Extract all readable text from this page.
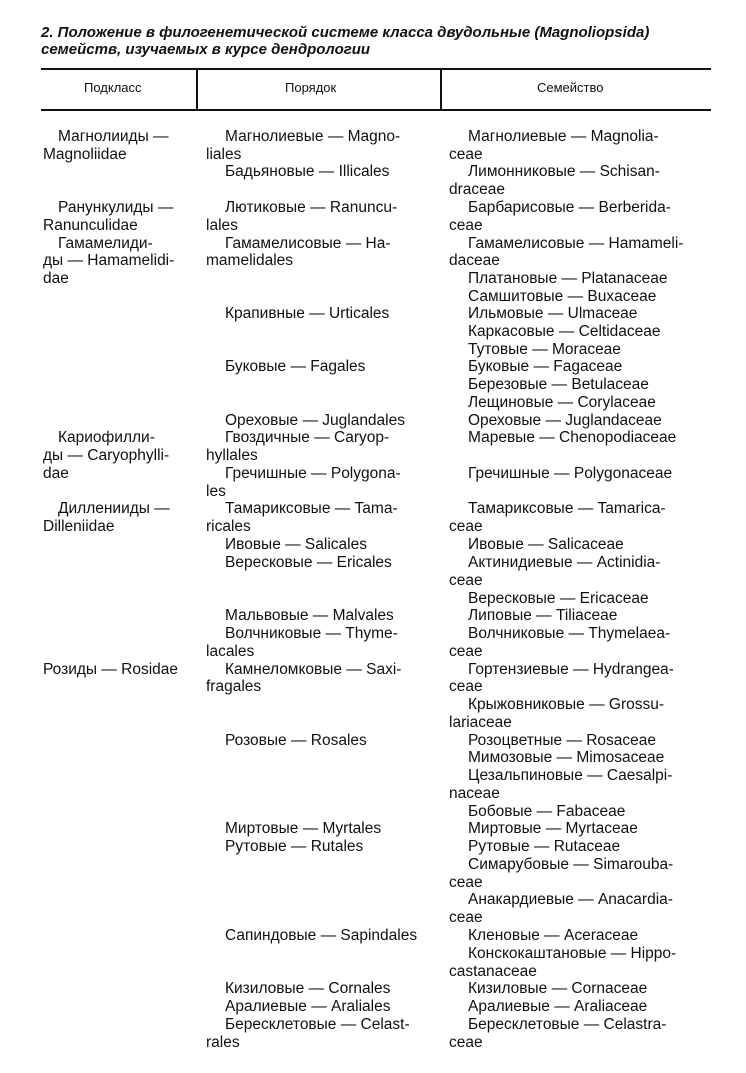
2. Положение в филогенетической системе класса двудольные (Magnoliopsida)
семейств, изучаемых в курсе дендрологии
Подкласс	Порядок	Семейство
Магнолииды —
Magnoliidae
Ранункулиды —
Ranunculidae
Гамамелиди-
ды — Hamamelidi-
dae
Кариофилли-
ды — Caryophylli-
dae
Дилленииды —
Dilleniidae
Розиды — Rosidae
Магнолиевые — Magno-
liales
Бадьяновые — Illicales
Лютиковые — Ranuncu-
lales
Гамамелисовые — Ha-
mamelidales
Крапивные — Urticales
Буковые — Fagales
Ореховые — Juglandales
Гвоздичные — Caryop-
hyllales
Гречишные — Polygona-
les
Тамариксовые — Tama-
ricales
Ивовые — Salicales
Вересковые — Ericales
Мальвовые — Malvales
Волчниковые — Thyme-
lacales
Камнеломковые — Saxi-
fragales
Розовые — Rosales
Миртовые — Myrtales
Рутовые — Rutales
Сапиндовые — Sapindales
Кизиловые — Cornales
Аралиевые — Araliales
Бересклетовые — Celast-
rales
Магнолиевые — Magnolia-
ceae
Лимонниковые — Schisan-
draceae
Барбарисовые — Berberida-
ceae
Гамамелисовые — Hamameli-
daceae
Платановые — Platanaceae
Самшитовые — Buxaceae
Ильмовые — Ulmaceae
Каркасовые — Celtidaceae
Тутовые — Moraceae
Буковые — Fagaceae
Березовые — Betulaceae
Лещиновые — Corylaceae
Ореховые — Juglandaceae
Маревые — Chenopodiaceae
Гречишные — Polygonaceae
Тамариксовые — Tamarica-
ceae
Ивовые — Salicaceae
Актинидиевые — Actinidia-
ceae
Вересковые — Ericaceae
Липовые — Tiliaceae
Волчниковые — Thymelaea-
ceae
Гортензиевые — Hydrangea-
ceae
Крыжовниковые — Grossu-
lariaceae
Розоцветные — Rosaceae
Мимозовые — Mimosaceae
Цезальпиновые — Caesalpi-
naceae
Бобовые — Fabaceae
Миртовые — Myrtaceae
Рутовые — Rutaceae
Симарубовые — Simarouba-
ceae
Анакардиевые — Anacardia-
ceae
Кленовые — Aceraceae
Конскокаштановые — Hippo-
castanaceae
Кизиловые — Cornaceae
Аралиевые — Araliaceae
Бересклетовые — Celastra-
ceae
